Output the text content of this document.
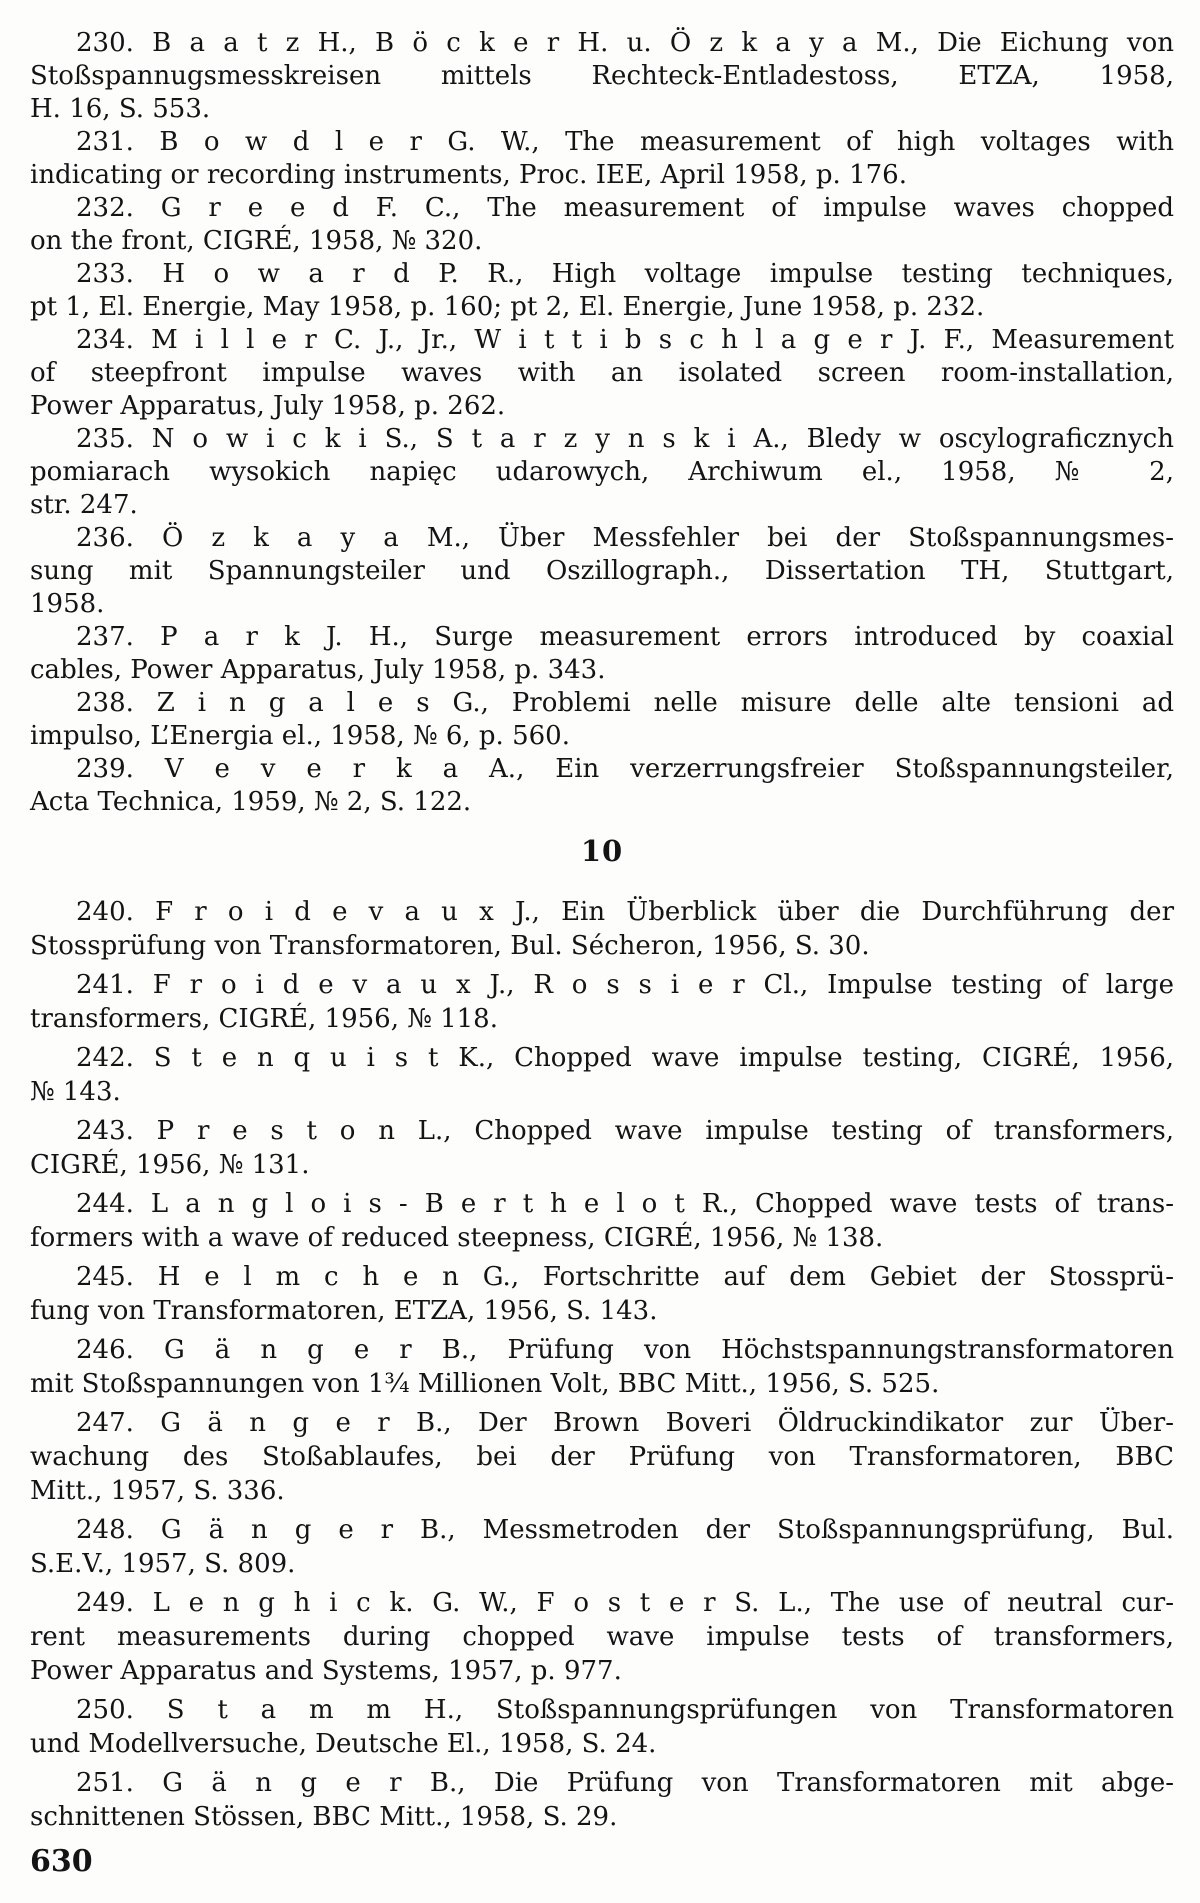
230. B a a t z H., B ö c k e r H. u. Ö z k a y a M., Die Eichung von
Stoßspannugsmesskreisen mittels Rechteck-Entladestoss, ETZA, 1958,
H. 16, S. 553.

231. B o w d l e r G. W., The measurement of high voltages with
indicating or recording instruments, Proc. IEE, April 1958, p. 176.

232. G r e e d F. C., The measurement of impulse waves chopped
on the front, CIGRÉ, 1958, № 320.

233. H o w a r d P. R., High voltage impulse testing techniques,
pt 1, El. Energie, May 1958, p. 160; pt 2, El. Energie, June 1958, p. 232.

234. M i l l e r C. J., Jr., W i t t i b s c h l a g e r J. F., Measurement
of steepfront impulse waves with an isolated screen room-installation,
Power Apparatus, July 1958, p. 262.

235. N o w i c k i S., S t a r z y n s k i A., Bledy w oscylograficznych
pomiarach wysokich napięc udarowych, Archiwum el., 1958, № 2,
str. 247.

236. Ö z k a y a M., Über Messfehler bei der Stoßspannungsmes-
sung mit Spannungsteiler und Oszillograph., Dissertation TH, Stuttgart,
1958.

237. P a r k J. H., Surge measurement errors introduced by coaxial
cables, Power Apparatus, July 1958, p. 343.

238. Z i n g a l e s G., Problemi nelle misure delle alte tensioni ad
impulso, L’Energia el., 1958, № 6, p. 560.

239. V e v e r k a A., Ein verzerrungsfreier Stoßspannungsteiler,
Acta Technica, 1959, № 2, S. 122.

10

240. F r o i d e v a u x J., Ein Überblick über die Durchführung der
Stossprüfung von Transformatoren, Bul. Sécheron, 1956, S. 30.

241. F r o i d e v a u x J., R o s s i e r Cl., Impulse testing of large
transformers, CIGRÉ, 1956, № 118.

242. S t e n q u i s t K., Chopped wave impulse testing, CIGRÉ, 1956,
№ 143.

243. P r e s t o n L., Chopped wave impulse testing of transformers,
CIGRÉ, 1956, № 131.

244. L a n g l o i s - B e r t h e l o t R., Chopped wave tests of trans-
formers with a wave of reduced steepness, CIGRÉ, 1956, № 138.

245. H e l m c h e n G., Fortschritte auf dem Gebiet der Stossprü-
fung von Transformatoren, ETZA, 1956, S. 143.

246. G ä n g e r B., Prüfung von Höchstspannungstransformatoren
mit Stoßspannungen von 1¾ Millionen Volt, BBC Mitt., 1956, S. 525.

247. G ä n g e r B., Der Brown Boveri Öldruckindikator zur Über-
wachung des Stoßablaufes, bei der Prüfung von Transformatoren, BBC
Mitt., 1957, S. 336.

248. G ä n g e r B., Messmetroden der Stoßspannungsprüfung, Bul.
S.E.V., 1957, S. 809.

249. L e n g h i c k. G. W., F o s t e r S. L., The use of neutral cur-
rent measurements during chopped wave impulse tests of transformers,
Power Apparatus and Systems, 1957, p. 977.

250. S t a m m H., Stoßspannungsprüfungen von Transformatoren
und Modellversuche, Deutsche El., 1958, S. 24.

251. G ä n g e r B., Die Prüfung von Transformatoren mit abge-
schnittenen Stössen, BBC Mitt., 1958, S. 29.

630
